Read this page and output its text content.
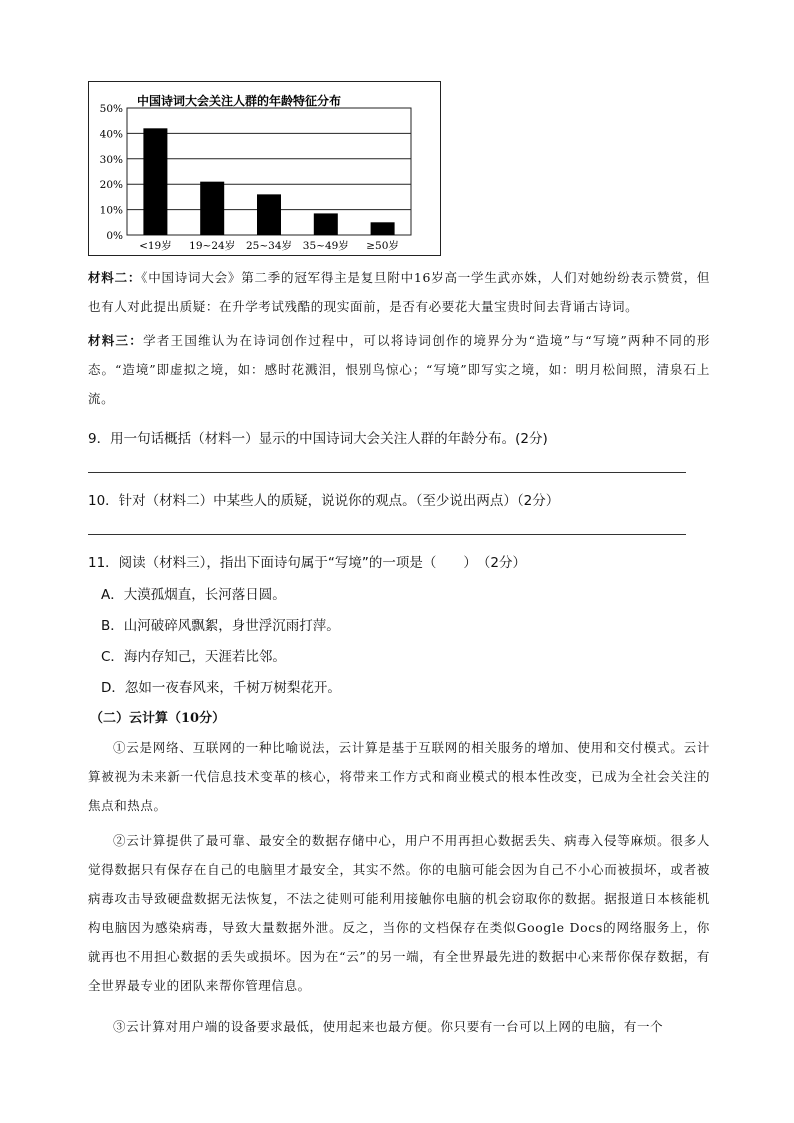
中国诗词大会关注人群的年龄特征分布
0%
10%
20%
30%
40%
50%
<19岁 19~24岁 25~34岁 35~49岁 ≥50岁
材料二：《中国诗词大会》第二季的冠军得主是复旦附中16岁高一学生武亦姝，人们对她纷纷表示赞赏，但也有人对此提出质疑：在升学考试残酷的现实面前，是否有必要花大量宝贵时间去背诵古诗词。
材料三：学者王国维认为在诗词创作过程中，可以将诗词创作的境界分为“造境”与“写境”两种不同的形态。“造境”即虚拟之境，如：感时花溅泪，恨别鸟惊心；“写境”即写实之境，如：明月松间照，清泉石上流。
9．用一句话概括（材料一）显示的中国诗词大会关注人群的年龄分布。(2分)
10．针对（材料二）中某些人的质疑，说说你的观点。（至少说出两点）（2分）
11．阅读（材料三），指出下面诗句属于“写境”的一项是（　　）　（2分）
A．大漠孤烟直，长河落日圆。
B．山河破碎风飘絮，身世浮沉雨打萍。
C．海内存知己，天涯若比邻。
D．忽如一夜春风来，千树万树梨花开。
（二）云计算（10分）
①云是网络、互联网的一种比喻说法，云计算是基于互联网的相关服务的增加、使用和交付模式。云计算被视为未来新一代信息技术变革的核心，将带来工作方式和商业模式的根本性改变，已成为全社会关注的焦点和热点。
②云计算提供了最可靠、最安全的数据存储中心，用户不用再担心数据丢失、病毒入侵等麻烦。很多人觉得数据只有保存在自己的电脑里才最安全，其实不然。你的电脑可能会因为自己不小心而被损坏，或者被病毒攻击导致硬盘数据无法恢复，不法之徒则可能利用接触你电脑的机会窃取你的数据。据报道日本核能机构电脑因为感染病毒，导致大量数据外泄。反之，当你的文档保存在类似Google Docs的网络服务上，你就再也不用担心数据的丢失或损坏。因为在“云”的另一端，有全世界最先进的数据中心来帮你保存数据，有全世界最专业的团队来帮你管理信息。
③云计算对用户端的设备要求最低，使用起来也最方便。你只要有一台可以上网的电脑，有一个
